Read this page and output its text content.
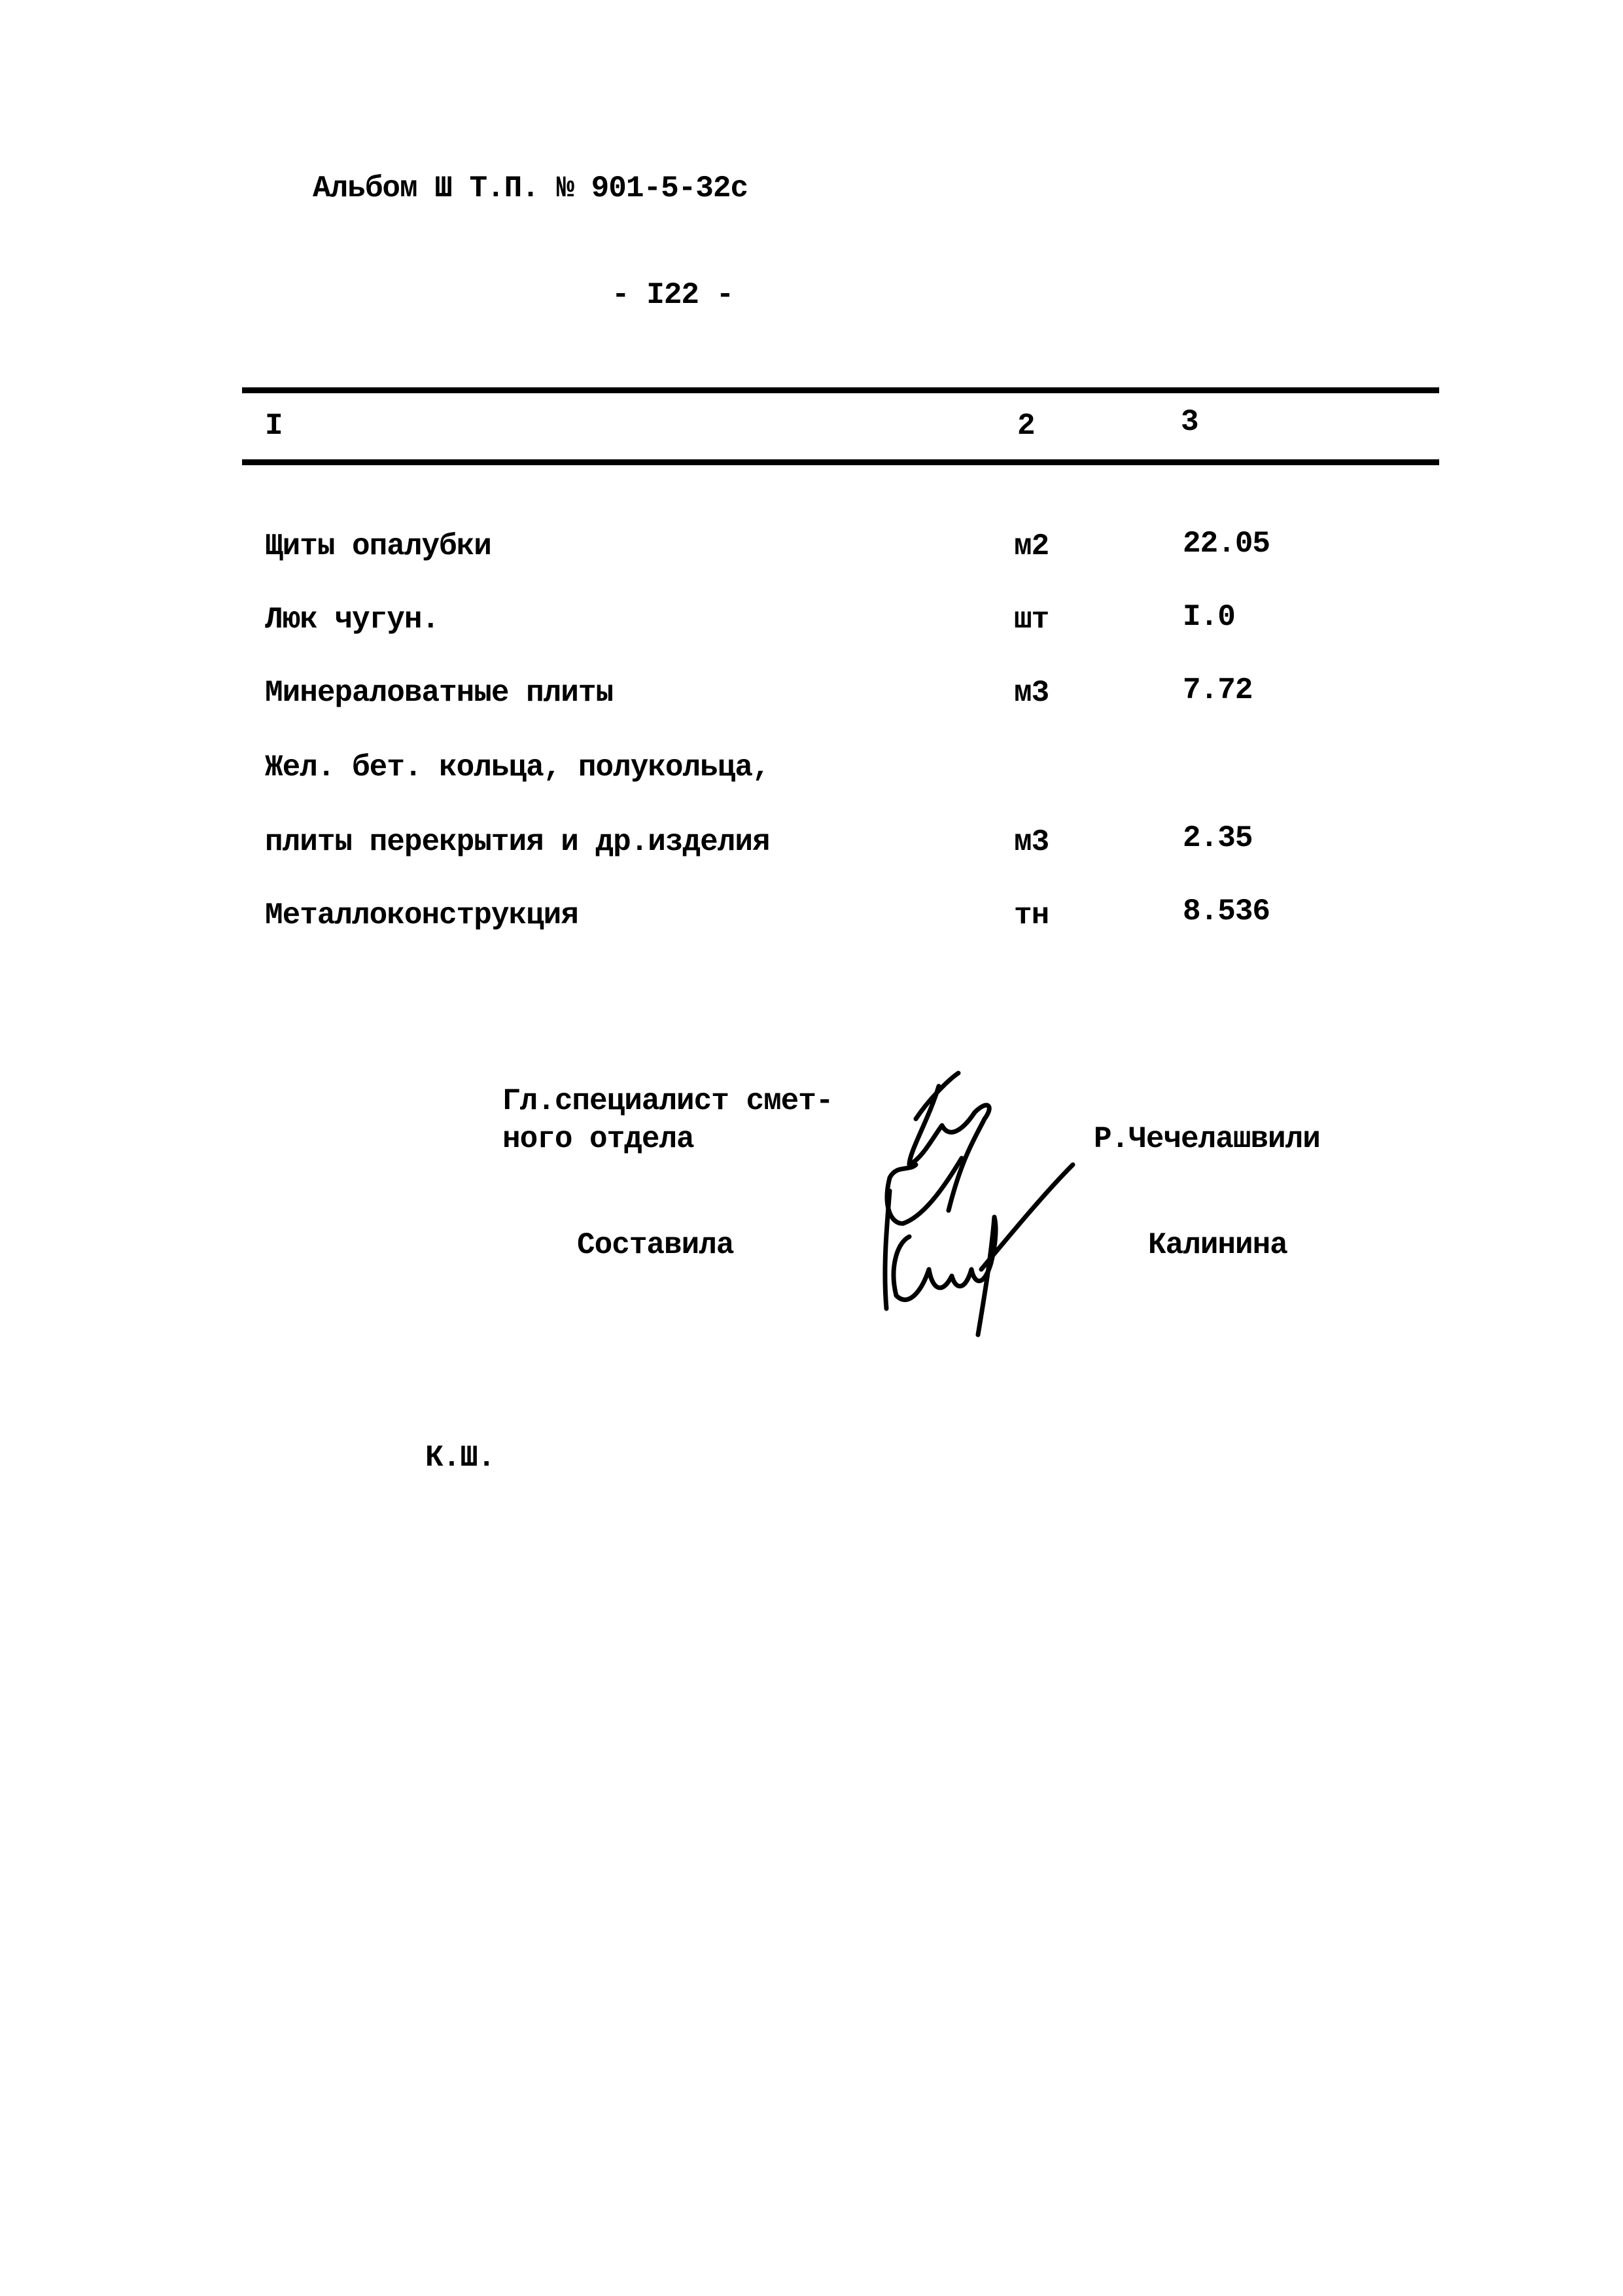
Альбом Ш Т.П. № 901-5-32с
- I22 -
I	2	3
Щиты опалубки	м2	22.05
Люк чугун.	шт	I.0
Минераловатные плиты	м3	7.72
Жел. бет. кольца, полукольца,
плиты перекрытия и др.изделия	м3	2.35
Металлоконструкция	тн	8.536
Гл.специалист смет-
ного отдела	Р.Чечелашвили
Составила	Калинина
К.Ш.
